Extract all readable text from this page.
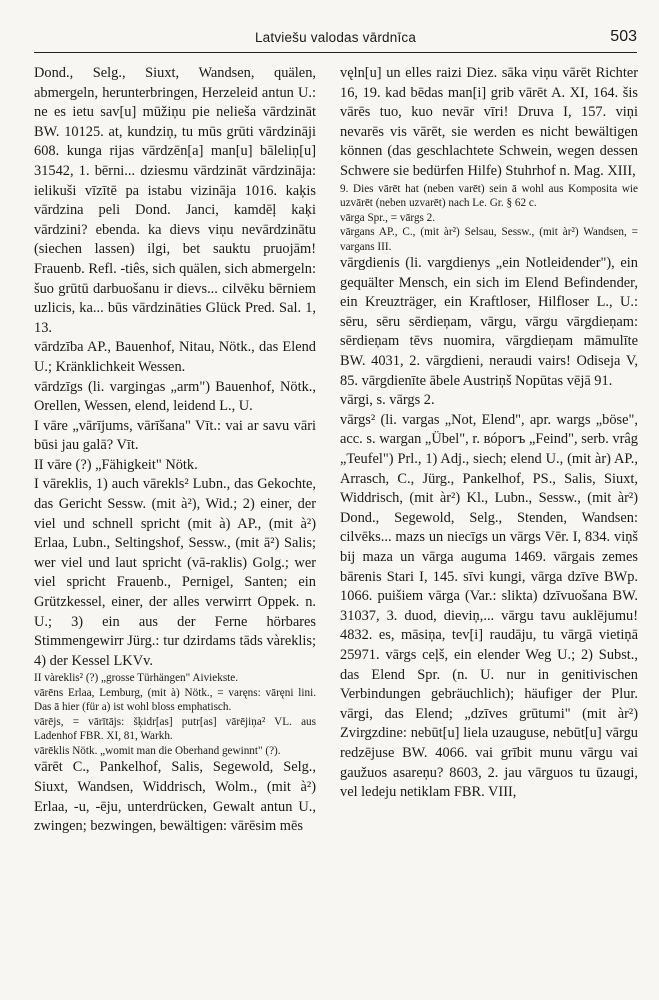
Latviešu valodas vārdnīca	503

Dond., Selg., Siuxt, Wandsen, quälen, abmergeln, herunterbringen, Herzeleid antun U.: ne es ietu sav[u] mūžiņu pie nelieša vārdzināt BW. 10125. at, kundziņ, tu mūs grūti vārdzināji 608. kunga rijas vārdzēn[a] man[u] bāleliņ[u] 31542, 1. bērni... dziesmu vārdzināt vārdzināja: ielikuši vīzītē pa istabu vizināja 1016. kaķis vārdzina peli Dond. Janci, kamdēļ kaķi vārdzini? ebenda. ka dievs viņu nevārdzinātu (siechen lassen) ilgi, bet sauktu pruojām! Frauenb. Refl. -tiês, sich quälen, sich abmergeln: šuo grūtū darbuošanu ir dievs... cilvēku bērniem uzlicis, ka... būs vārdzināties Glück Pred. Sal. 1, 13.

vārdzība AP., Bauenhof, Nitau, Nötk., das Elend U.; Kränklichkeit Wessen.

vārdzīgs (li. vargingas „arm") Bauenhof, Nötk., Orellen, Wessen, elend, leidend L., U.

I vāre „vārījums, vārīšana" Vīt.: vai ar savu vāri būsi jau galā? Vīt.

II vāre (?) „Fähigkeit" Nötk.

I vāreklis, 1) auch vārekls² Lubn., das Gekochte, das Gericht Sessw. (mit à²), Wid.; 2) einer, der viel und schnell spricht (mit à) AP., (mit à²) Erlaa, Lubn., Seltingshof, Sessw., (mit ā²) Salis; wer viel und laut spricht (vā-raklis) Golg.; wer viel spricht Frauenb., Pernigel, Santen; ein Grützkessel, einer, der alles verwirrt Oppek. n. U.; 3) ein aus der Ferne hörbares Stimmengewirr Jürg.: tur dzirdams tāds vàreklis; 4) der Kessel LKVv.

II vàreklis² (?) „grosse Türhängen" Aiviekste.

vārēns Erlaa, Lemburg, (mit à) Nötk., = varęns: vāręni lini. Das ā hier (für a) ist wohl bloss emphatisch.

vārējs, = vārītājs: šķidr[as] putr[as] vārējiņa² VL. aus Ladenhof FBR. XI, 81, Warkh.

vārēklis Nötk. „womit man die Oberhand gewinnt" (?).

vārēt C., Pankelhof, Salis, Segewold, Selg., Siuxt, Wandsen, Widdrisch, Wolm., (mit à²) Erlaa, -u, -ēju, unterdrücken, Gewalt antun U., zwingen; bezwingen, bewältigen: vārēsim mēs

vęln[u] un elles raizi Diez. sāka viņu vārēt Richter 16, 19. kad bēdas man[i] grib vārēt A. XI, 164. šis vārēs tuo, kuo nevār vīri! Druva I, 157. viņi nevarēs vis vārēt, sie werden es nicht bewältigen können (das geschlachtete Schwein, wegen dessen Schwere sie bedürfen Hilfe) Stuhrhof n. Mag. XIII,

9. Dies vārēt hat (neben varēt) sein ā wohl aus Komposita wie uzvārēt (neben uzvarēt) nach Le. Gr. § 62 c.

vārga Spr., = vārgs 2.

vārgans AP., C., (mit àr²) Selsau, Sessw., (mit àr²) Wandsen, = vargans III.

vārgdienis (li. vargdienys „ein Notleidender"), ein gequälter Mensch, ein sich im Elend Befindender, ein Kreuzträger, ein Kraftloser, Hilfloser L., U.: sēru, sēru sērdieņam, vārgu, vārgu vārgdieņam: sērdieņam tēvs nuomira, vārgdieņam māmulīte BW. 4031, 2. vārgdieni, neraudi vairs! Odiseja V, 85. vārgdienīte ābele Austriņš Nopūtas vējā 91.

vārgi, s. vārgs 2.

vārgs² (li. vargas „Not, Elend", apr. wargs „böse", acc. s. wargan „Übel", r. вóрогъ „Feind", serb. vrâg „Teufel") Prl., 1) Adj., siech; elend U., (mit àr) AP., Arrasch, C., Jürg., Pankelhof, PS., Salis, Siuxt, Widdrisch, (mit àr²) Kl., Lubn., Sessw., (mit àr²) Dond., Segewold, Selg., Stenden, Wandsen: cilvēks... mazs un niecīgs un vārgs Vēr. I, 834. viņš bij maza un vārga auguma 1469. vārgais zemes bārenis Stari I, 145. sīvi kungi, vārga dzīve BWp. 1066. puišiem vārga (Var.: slikta) dzīvuošana BW. 31037, 3. duod, dieviņ,... vārgu tavu auklējumu! 4832. es, māsiņa, tev[i] raudāju, tu vārgā vietiņā 25971. vārgs ceļš, ein elender Weg U.; 2) Subst., das Elend Spr. (n. U. nur in genitivischen Verbindungen gebräuchlich); häufiger der Plur. vārgi, das Elend; „dzīves grūtumi" (mit àr²) Zvirgzdine: nebūt[u] liela uzauguse, nebūt[u] vārgu redzējuse BW. 4066. vai grībit munu vārgu vai gaužuos asareņu? 8603, 2. jau vārguos tu ūzaugi, vel ledeju netiklam FBR. VIII,
